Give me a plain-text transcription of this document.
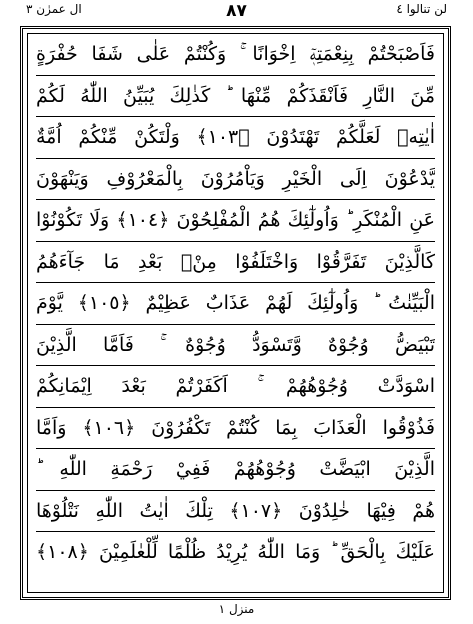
ال عمرٰن ٣	٨٧	لن تنالوا ٤
فَاَصْبَحْتُمْ بِنِعْمَتِهٖٓ اِخْوَانًا ۚ وَكُنْتُمْ عَلٰى شَفَا حُفْرَةٍ
مِّنَ النَّارِ فَاَنْقَذَكُمْ مِّنْهَا ؕ كَذٰلِكَ يُبَيِّنُ اللّٰهُ لَكُمْ
اٰيٰتِهٖ لَعَلَّكُمْ تَهْتَدُوْنَ ﴿١٠٣﴾ وَلْتَكُنْ مِّنْكُمْ اُمَّةٌ
يَّدْعُوْنَ اِلَى الْخَيْرِ وَيَاْمُرُوْنَ بِالْمَعْرُوْفِ وَيَنْهَوْنَ
عَنِ الْمُنْكَرِ ؕ وَاُولٰٓئِكَ هُمُ الْمُفْلِحُوْنَ ﴿١٠٤﴾ وَلَا تَكُوْنُوْا
كَالَّذِيْنَ تَفَرَّقُوْا وَاخْتَلَفُوْا مِنْۢ بَعْدِ مَا جَآءَهُمُ
الْبَيِّنٰتُ ؕ وَاُولٰٓئِكَ لَهُمْ عَذَابٌ عَظِيْمٌ ﴿١٠٥﴾ يَّوْمَ
تَبْيَضُّ وُجُوْهٌ وَّتَسْوَدُّ وُجُوْهٌ ۚ فَاَمَّا الَّذِيْنَ
اسْوَدَّتْ وُجُوْهُهُمْ ۚ اَكَفَرْتُمْ بَعْدَ اِيْمَانِكُمْ
فَذُوْقُوا الْعَذَابَ بِمَا كُنْتُمْ تَكْفُرُوْنَ ﴿١٠٦﴾ وَاَمَّا
الَّذِيْنَ ابْيَضَّتْ وُجُوْهُهُمْ فَفِيْ رَحْمَةِ اللّٰهِ ؕ
هُمْ فِيْهَا خٰلِدُوْنَ ﴿١٠٧﴾ تِلْكَ اٰيٰتُ اللّٰهِ نَتْلُوْهَا
عَلَيْكَ بِالْحَقِّ ؕ وَمَا اللّٰهُ يُرِيْدُ ظُلْمًا لِّلْعٰلَمِيْنَ ﴿١٠٨﴾
منزل ١
